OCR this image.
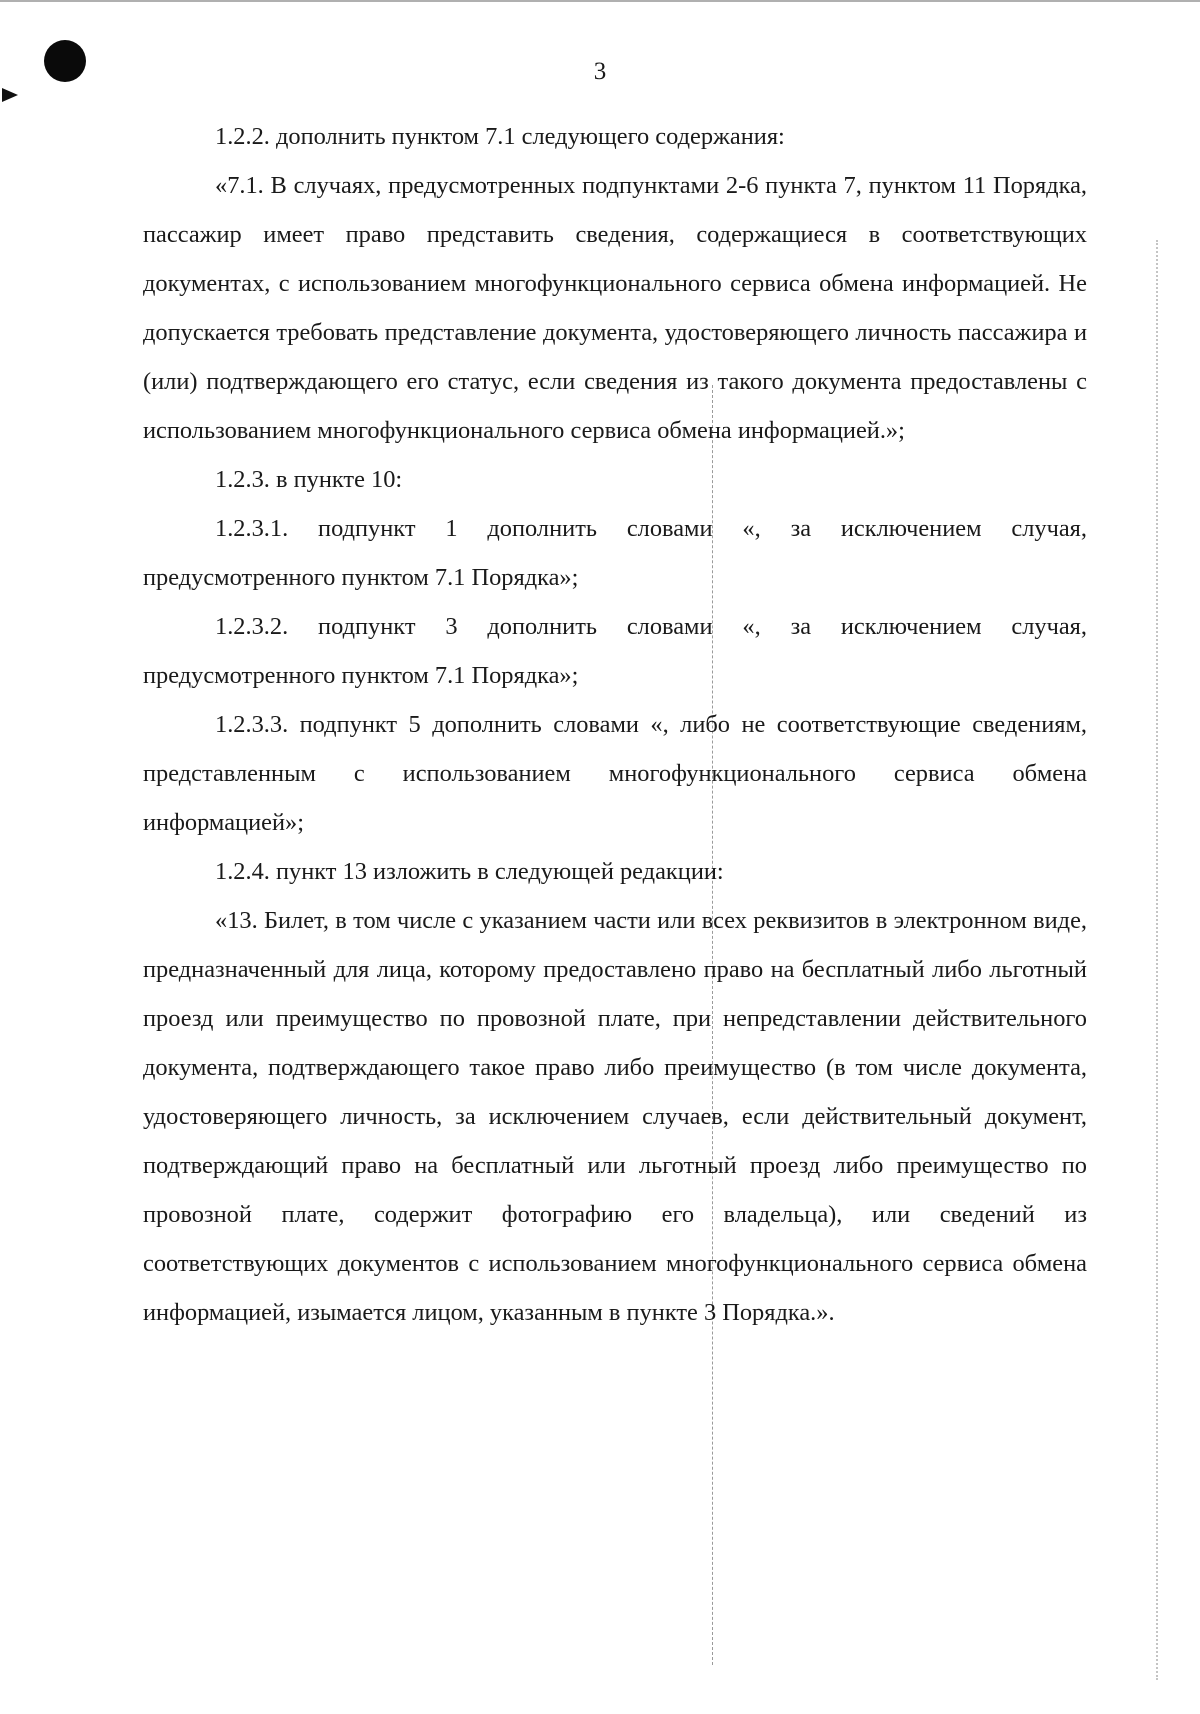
3

1.2.2. дополнить пунктом 7.1 следующего содержания:

«7.1. В случаях, предусмотренных подпунктами 2-6 пункта 7, пунктом 11 Порядка, пассажир имеет право представить сведения, содержащиеся в соответствующих документах, с использованием многофункционального сервиса обмена информацией. Не допускается требовать представление документа, удостоверяющего личность пассажира и (или) подтверждающего его статус, если сведения из такого документа предоставлены с использованием многофункционального сервиса обмена информацией.»;

1.2.3. в пункте 10:

1.2.3.1. подпункт 1 дополнить словами «, за исключением случая, предусмотренного пунктом 7.1 Порядка»;

1.2.3.2. подпункт 3 дополнить словами «, за исключением случая, предусмотренного пунктом 7.1 Порядка»;

1.2.3.3. подпункт 5 дополнить словами «, либо не соответствующие сведениям, представленным с использованием многофункционального сервиса обмена информацией»;

1.2.4. пункт 13 изложить в следующей редакции:

«13. Билет, в том числе с указанием части или всех реквизитов в электронном виде, предназначенный для лица, которому предоставлено право на бесплатный либо льготный проезд или преимущество по провозной плате, при непредставлении действительного документа, подтверждающего такое право либо преимущество (в том числе документа, удостоверяющего личность, за исключением случаев, если действительный документ, подтверждающий право на бесплатный или льготный проезд либо преимущество по провозной плате, содержит фотографию его владельца), или сведений из соответствующих документов с использованием многофункционального сервиса обмена информацией, изымается лицом, указанным в пункте 3 Порядка.».
